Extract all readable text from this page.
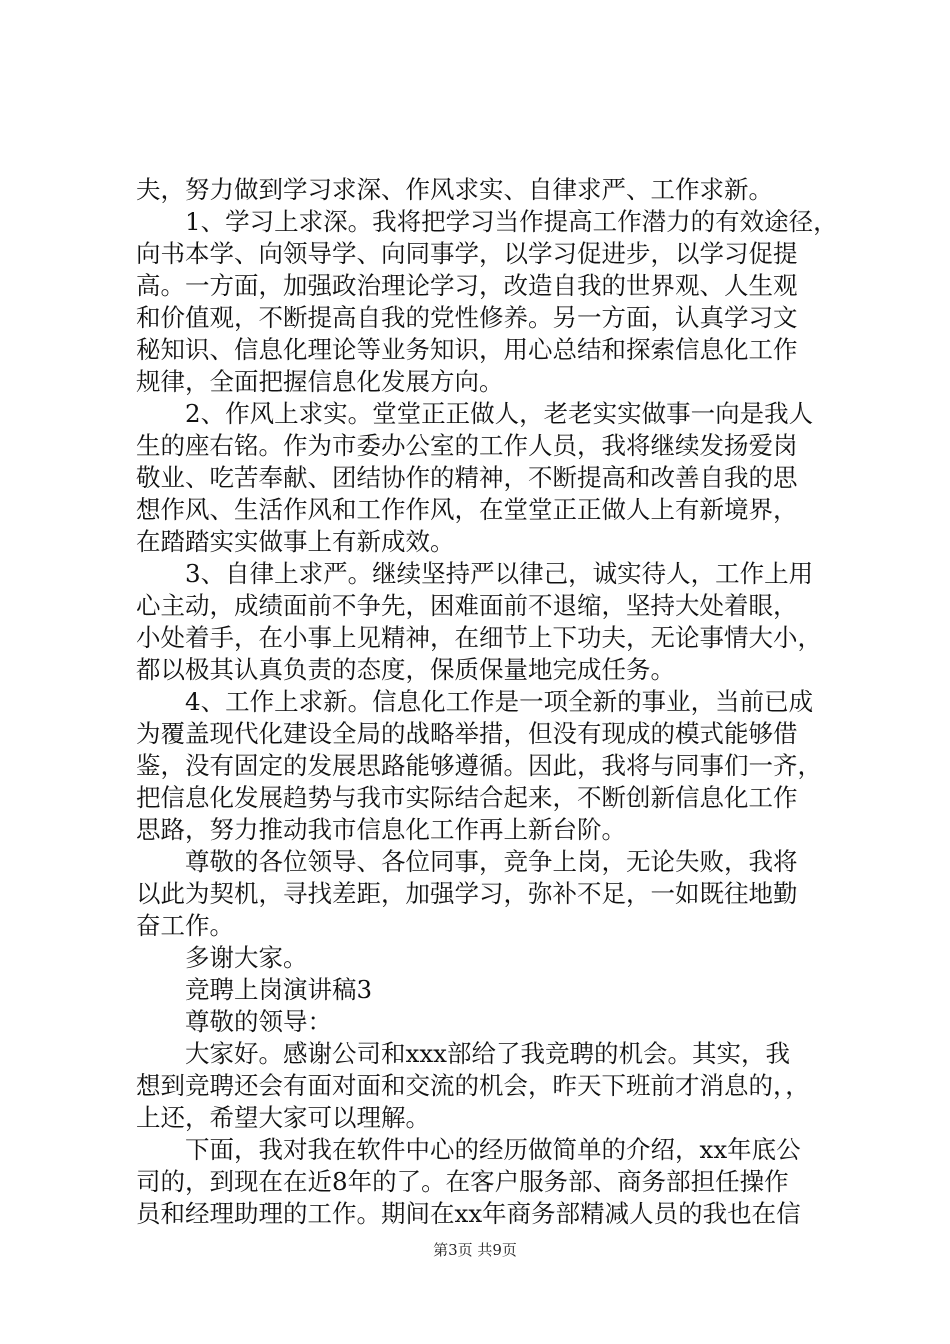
夫，努力做到学习求深、作风求实、自律求严、工作求新。
　　1、学习上求深。我将把学习当作提高工作潜力的有效途径，
向书本学、向领导学、向同事学，以学习促进步，以学习促提
高。一方面，加强政治理论学习，改造自我的世界观、人生观
和价值观，不断提高自我的党性修养。另一方面，认真学习文
秘知识、信息化理论等业务知识，用心总结和探索信息化工作
规律，全面把握信息化发展方向。
　　2、作风上求实。堂堂正正做人，老老实实做事一向是我人
生的座右铭。作为市委办公室的工作人员，我将继续发扬爱岗
敬业、吃苦奉献、团结协作的精神，不断提高和改善自我的思
想作风、生活作风和工作作风，在堂堂正正做人上有新境界，
在踏踏实实做事上有新成效。
　　3、自律上求严。继续坚持严以律己，诚实待人，工作上用
心主动，成绩面前不争先，困难面前不退缩，坚持大处着眼，
小处着手，在小事上见精神，在细节上下功夫，无论事情大小，
都以极其认真负责的态度，保质保量地完成任务。
　　4、工作上求新。信息化工作是一项全新的事业，当前已成
为覆盖现代化建设全局的战略举措，但没有现成的模式能够借
鉴，没有固定的发展思路能够遵循。因此，我将与同事们一齐，
把信息化发展趋势与我市实际结合起来，不断创新信息化工作
思路，努力推动我市信息化工作再上新台阶。
　　尊敬的各位领导、各位同事，竞争上岗，无论失败，我将
以此为契机，寻找差距，加强学习，弥补不足，一如既往地勤
奋工作。
　　多谢大家。
　　竞聘上岗演讲稿3
　　尊敬的领导：
　　大家好。感谢公司和xxx部给了我竞聘的机会。其实，我
想到竞聘还会有面对面和交流的机会，昨天下班前才消息的，，
上还，希望大家可以理解。
　　下面，我对我在软件中心的经历做简单的介绍，xx年底公
司的，到现在在近8年的了。在客户服务部、商务部担任操作
员和经理助理的工作。期间在xx年商务部精减人员的我也在信
第3页 共9页
